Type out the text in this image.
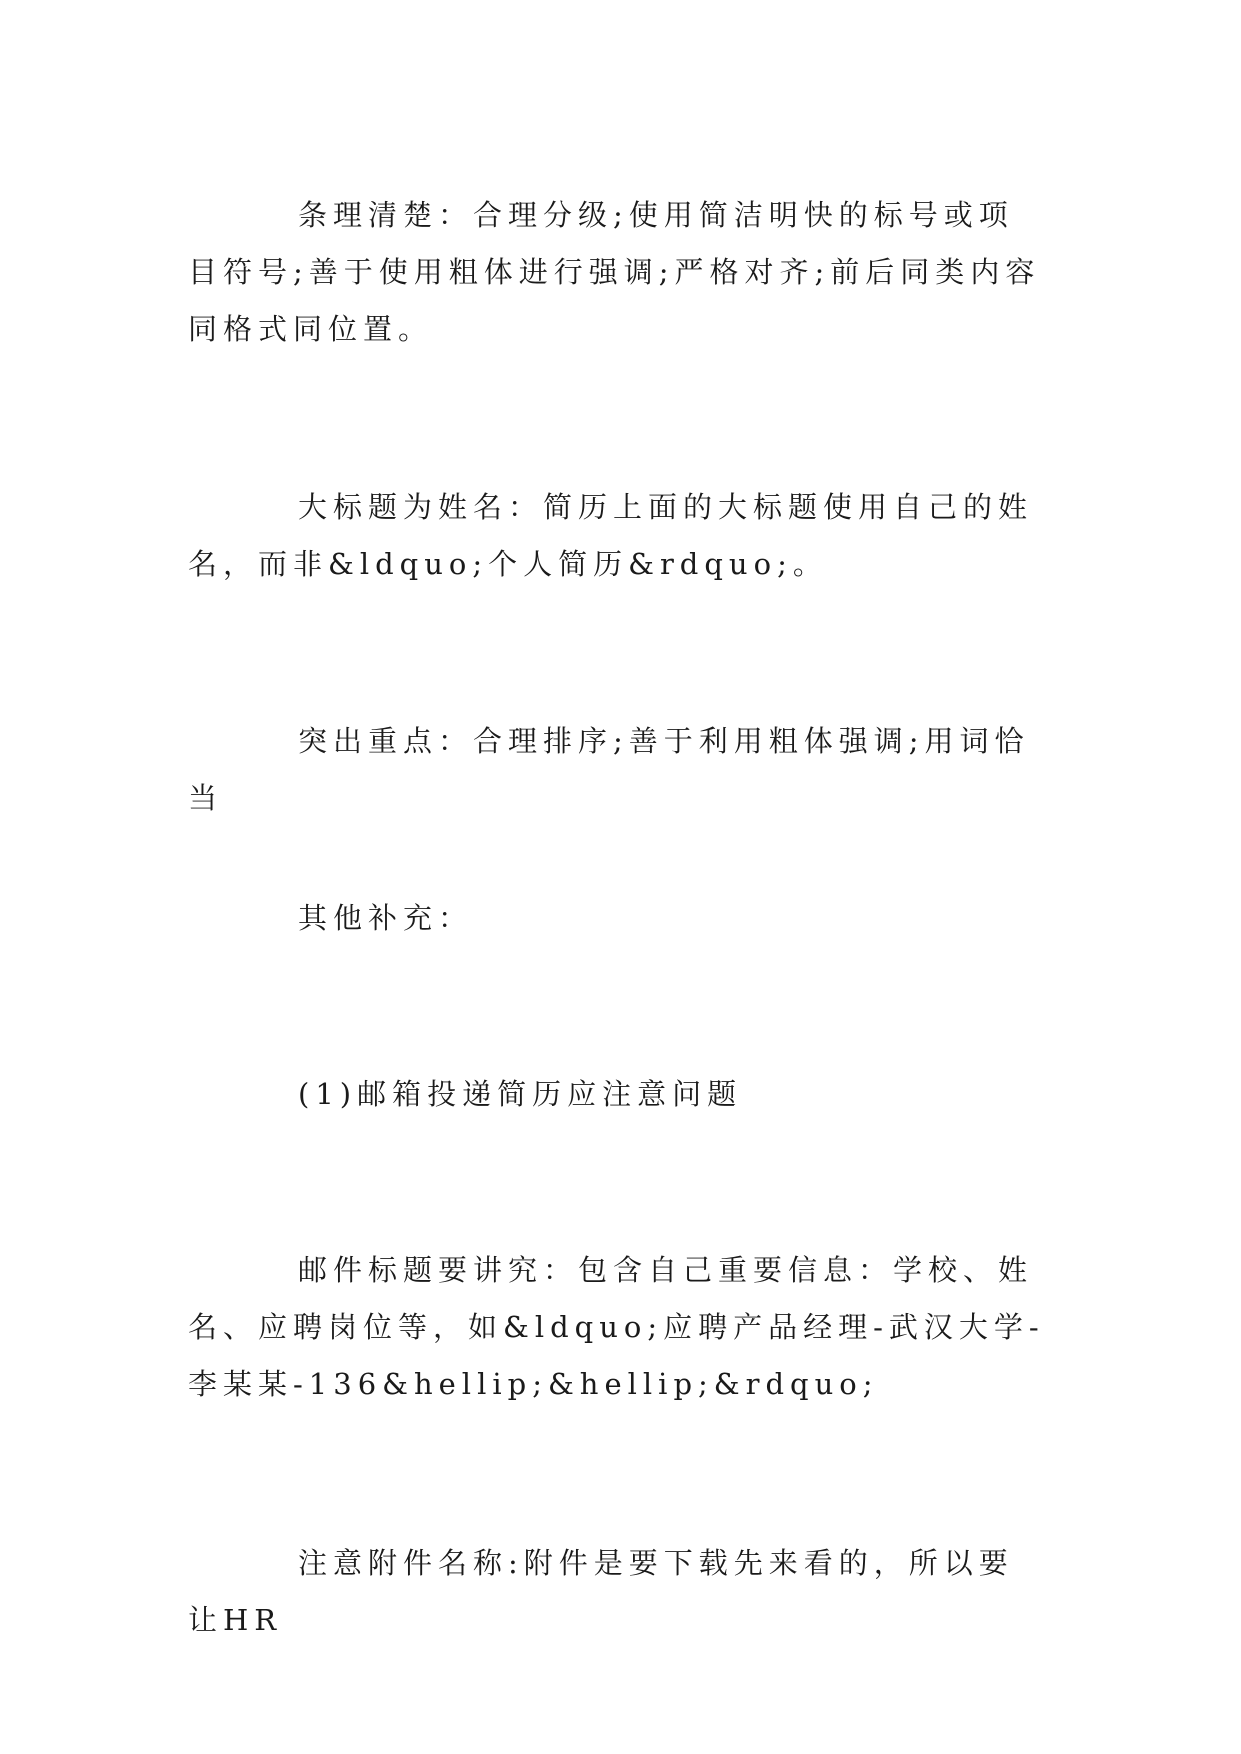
条理清楚：合理分级;使用简洁明快的标号或项目符号;善于使用粗体进行强调;严格对齐;前后同类内容同格式同位置。

大标题为姓名：简历上面的大标题使用自己的姓名，而非&ldquo;个人简历&rdquo;。

突出重点：合理排序;善于利用粗体强调;用词恰当

其他补充：

(1)邮箱投递简历应注意问题

邮件标题要讲究：包含自己重要信息：学校、姓名、应聘岗位等，如&ldquo;应聘产品经理-武汉大学-李某某-136&hellip;&hellip;&rdquo;

注意附件名称:附件是要下载先来看的，所以要让HR
